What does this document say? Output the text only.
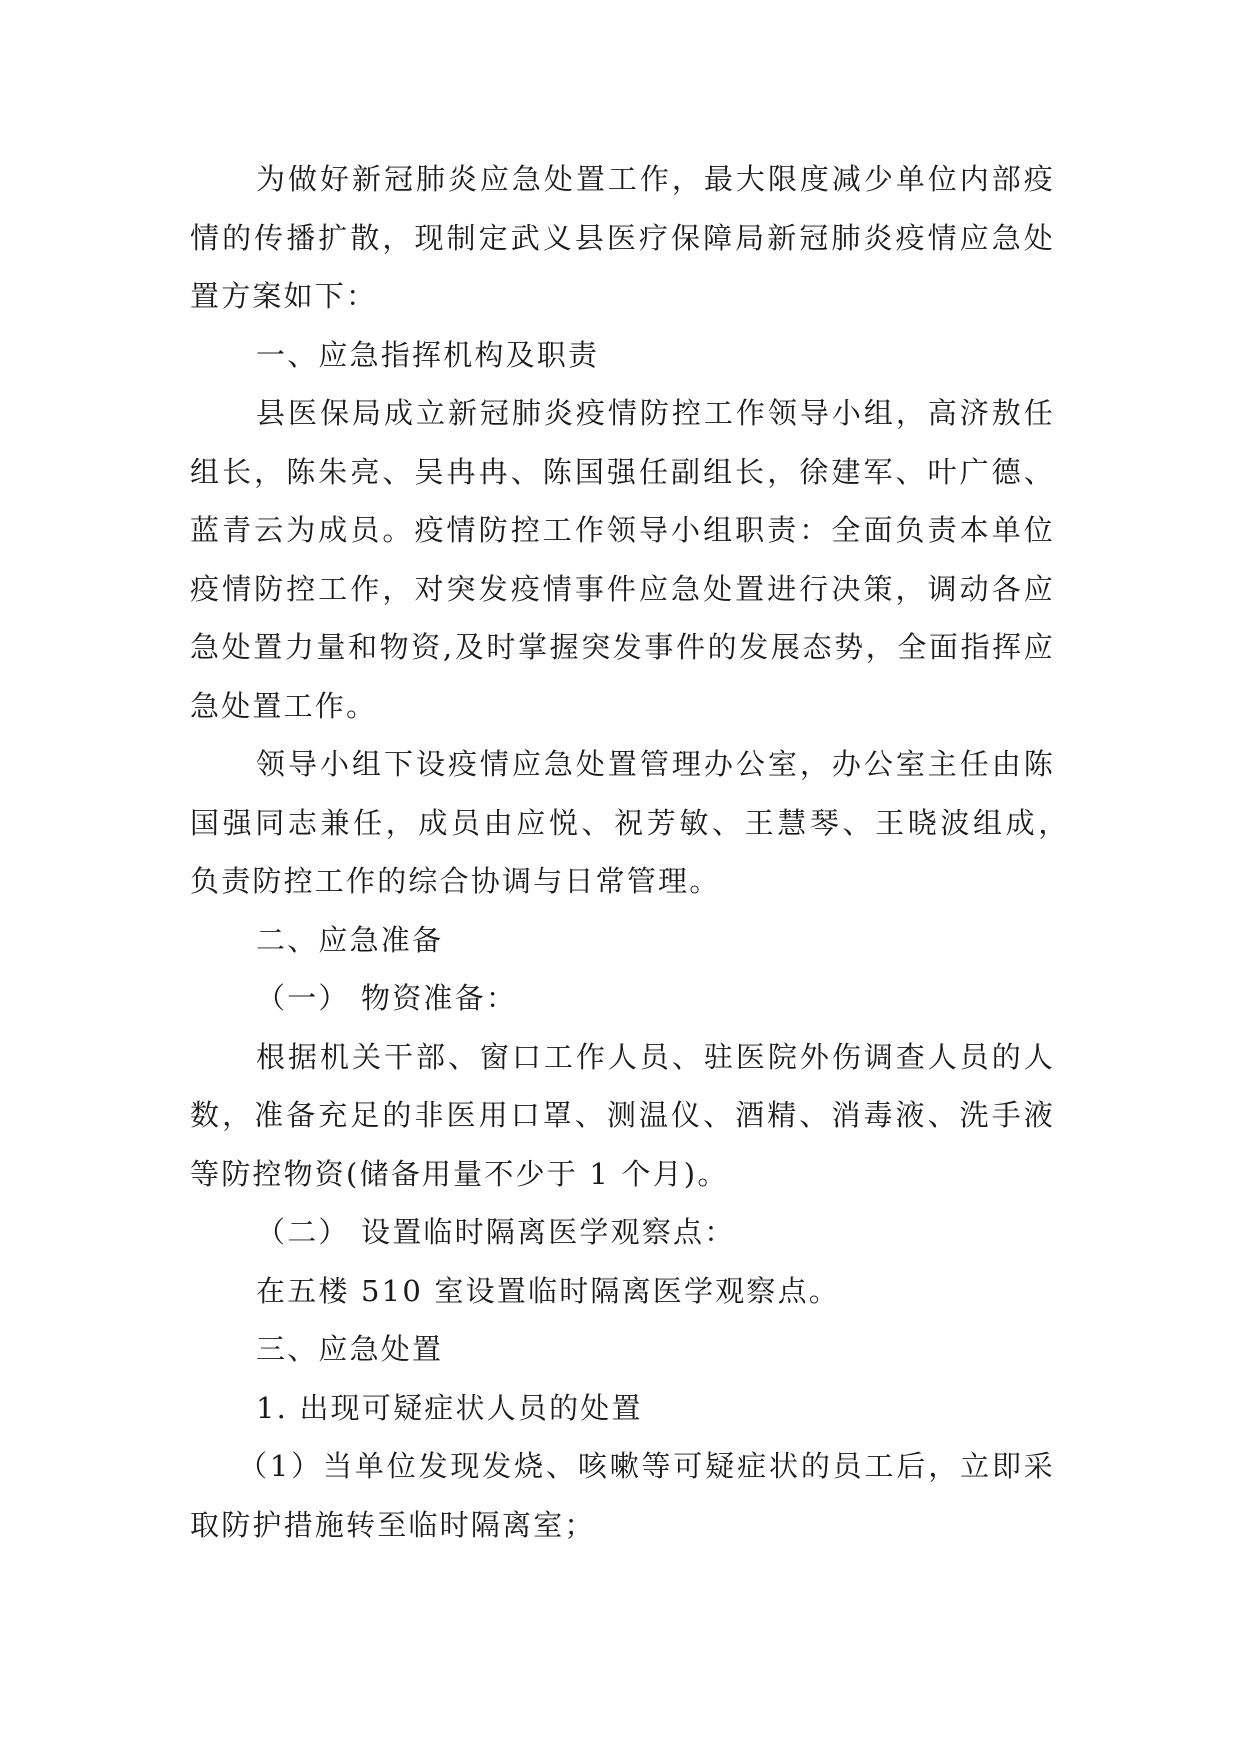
为做好新冠肺炎应急处置工作，最大限度减少单位内部疫情的传播扩散，现制定武义县医疗保障局新冠肺炎疫情应急处置方案如下：

一、应急指挥机构及职责

县医保局成立新冠肺炎疫情防控工作领导小组，高济敖任组长，陈朱亮、吴冉冉、陈国强任副组长，徐建军、叶广德、蓝青云为成员。疫情防控工作领导小组职责：全面负责本单位疫情防控工作，对突发疫情事件应急处置进行决策，调动各应急处置力量和物资,及时掌握突发事件的发展态势，全面指挥应急处置工作。

领导小组下设疫情应急处置管理办公室，办公室主任由陈国强同志兼任，成员由应悦、祝芳敏、王慧琴、王晓波组成，　负责防控工作的综合协调与日常管理。

二、应急准备

（一） 物资准备：

根据机关干部、窗口工作人员、驻医院外伤调查人员的人数，准备充足的非医用口罩、测温仪、酒精、消毒液、洗手液等防控物资(储备用量不少于 1 个月)。

（二） 设置临时隔离医学观察点：

在五楼 510 室设置临时隔离医学观察点。

三、应急处置

1. 出现可疑症状人员的处置

（1）当单位发现发烧、咳嗽等可疑症状的员工后，立即采取防护措施转至临时隔离室；
